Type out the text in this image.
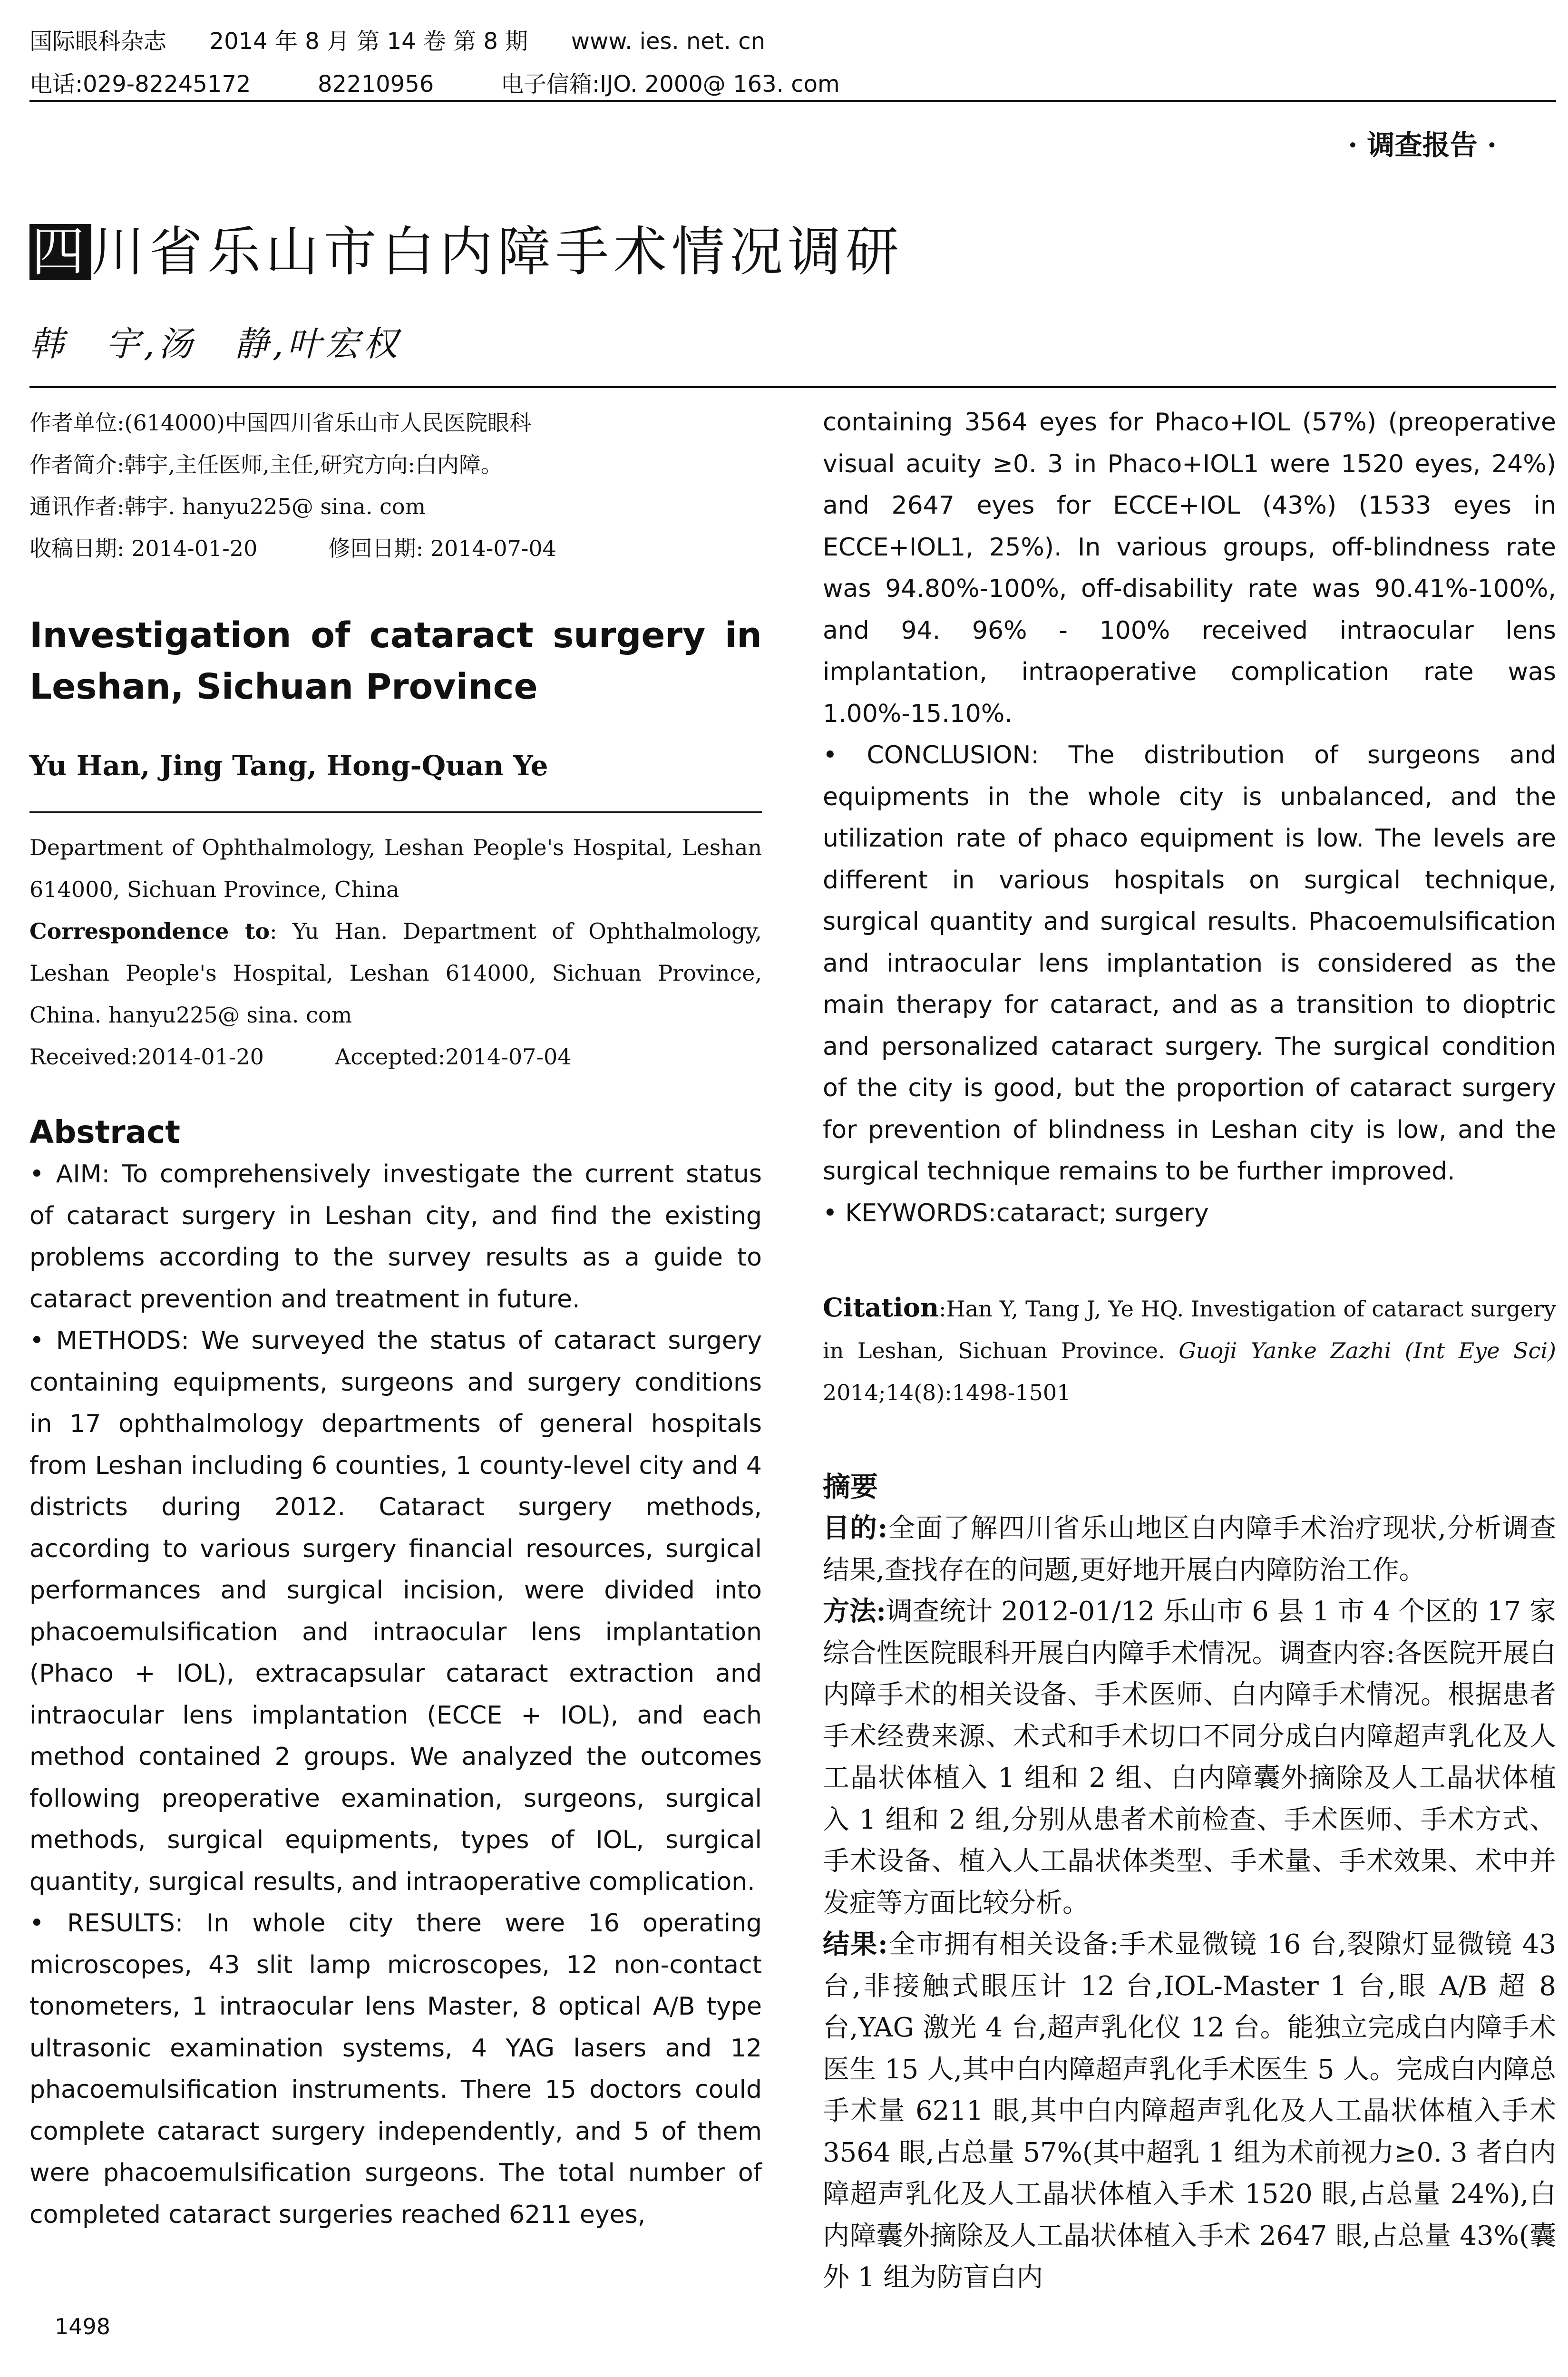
国际眼科杂志 2014 年 8 月 第 14 卷 第 8 期 www. ies. net. cn
电话:029-82245172	82210956	电子信箱:IJO. 2000@ 163. com
· 调查报告 ·
四川省乐山市白内障手术情况调研
韩　宇,汤　静,叶宏权
作者单位:(614000)中国四川省乐山市人民医院眼科
作者简介:韩宇,主任医师,主任,研究方向:白内障。
通讯作者:韩宇. hanyu225@ sina. com
收稿日期: 2014-01-20	修回日期: 2014-07-04
Investigation of cataract surgery in Leshan, Sichuan Province
Yu Han, Jing Tang, Hong-Quan Ye
Department of Ophthalmology, Leshan People's Hospital, Leshan 614000, Sichuan Province, China
Correspondence to: Yu Han. Department of Ophthalmology, Leshan People's Hospital, Leshan 614000, Sichuan Province, China. hanyu225@ sina. com
Received:2014-01-20	Accepted:2014-07-04
Abstract

• AIM: To comprehensively investigate the current status of cataract surgery in Leshan city, and find the existing problems according to the survey results as a guide to cataract prevention and treatment in future.

• METHODS: We surveyed the status of cataract surgery containing equipments, surgeons and surgery conditions in 17 ophthalmology departments of general hospitals from Leshan including 6 counties, 1 county-level city and 4 districts during 2012. Cataract surgery methods, according to various surgery financial resources, surgical performances and surgical incision, were divided into phacoemulsification and intraocular lens implantation (Phaco + IOL), extracapsular cataract extraction and intraocular lens implantation (ECCE + IOL), and each method contained 2 groups. We analyzed the outcomes following preoperative examination, surgeons, surgical methods, surgical equipments, types of IOL, surgical quantity, surgical results, and intraoperative complication.

• RESULTS: In whole city there were 16 operating microscopes, 43 slit lamp microscopes, 12 non-contact tonometers, 1 intraocular lens Master, 8 optical A/B type ultrasonic examination systems, 4 YAG lasers and 12 phacoemulsification instruments. There 15 doctors could complete cataract surgery independently, and 5 of them were phacoemulsification surgeons. The total number of completed cataract surgeries reached 6211 eyes,

containing 3564 eyes for Phaco+IOL (57%) (preoperative visual acuity ≥0. 3 in Phaco+IOL1 were 1520 eyes, 24%) and 2647 eyes for ECCE+IOL (43%) (1533 eyes in ECCE+IOL1, 25%). In various groups, off-blindness rate was 94.80%-100%, off-disability rate was 90.41%-100%, and 94. 96% - 100% received intraocular lens implantation, intraoperative complication rate was 1.00%-15.10%.

• CONCLUSION: The distribution of surgeons and equipments in the whole city is unbalanced, and the utilization rate of phaco equipment is low. The levels are different in various hospitals on surgical technique, surgical quantity and surgical results. Phacoemulsification and intraocular lens implantation is considered as the main therapy for cataract, and as a transition to dioptric and personalized cataract surgery. The surgical condition of the city is good, but the proportion of cataract surgery for prevention of blindness in Leshan city is low, and the surgical technique remains to be further improved.

• KEYWORDS:cataract; surgery

Citation:Han Y, Tang J, Ye HQ. Investigation of cataract surgery in Leshan, Sichuan Province. Guoji Yanke Zazhi (Int Eye Sci) 2014;14(8):1498-1501
摘要

目的:全面了解四川省乐山地区白内障手术治疗现状,分析调查结果,查找存在的问题,更好地开展白内障防治工作。

方法:调查统计 2012-01/12 乐山市 6 县 1 市 4 个区的 17 家综合性医院眼科开展白内障手术情况。调查内容:各医院开展白内障手术的相关设备、手术医师、白内障手术情况。根据患者手术经费来源、术式和手术切口不同分成白内障超声乳化及人工晶状体植入 1 组和 2 组、白内障囊外摘除及人工晶状体植入 1 组和 2 组,分别从患者术前检查、手术医师、手术方式、手术设备、植入人工晶状体类型、手术量、手术效果、术中并发症等方面比较分析。

结果:全市拥有相关设备:手术显微镜 16 台,裂隙灯显微镜 43 台,非接触式眼压计 12 台,IOL-Master 1 台,眼 A/B 超 8 台,YAG 激光 4 台,超声乳化仪 12 台。能独立完成白内障手术医生 15 人,其中白内障超声乳化手术医生 5 人。完成白内障总手术量 6211 眼,其中白内障超声乳化及人工晶状体植入手术 3564 眼,占总量 57%(其中超乳 1 组为术前视力≥0. 3 者白内障超声乳化及人工晶状体植入手术 1520 眼,占总量 24%),白内障囊外摘除及人工晶状体植入手术 2647 眼,占总量 43%(囊外 1 组为防盲白内

1498
